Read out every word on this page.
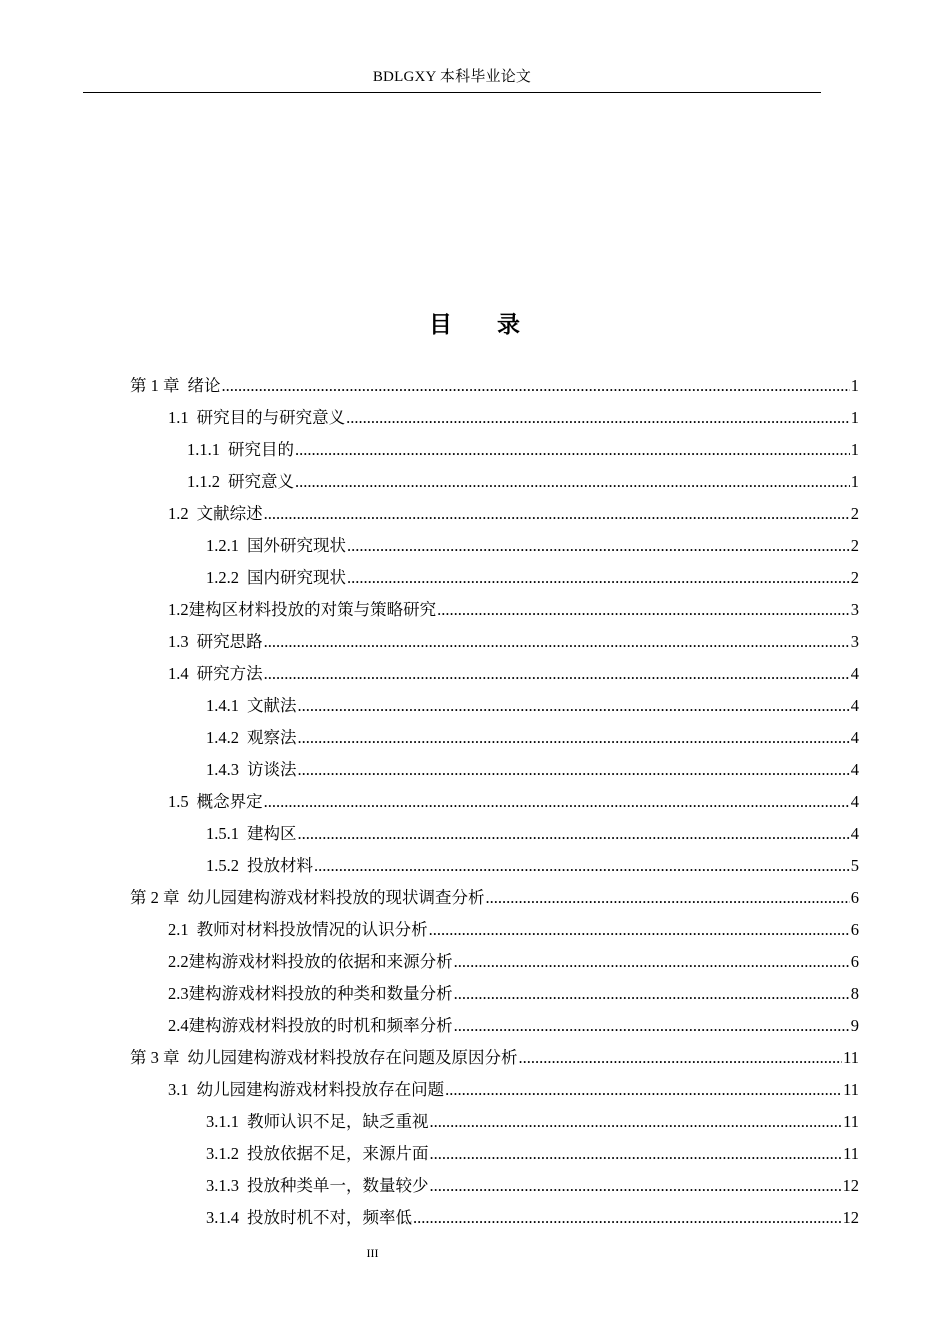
BDLGXY 本科毕业论文
目 录
第 1 章 绪论 .....	1
1.1 研究目的与研究意义 .....	1
1.1.1 研究目的 .....	1
1.1.2 研究意义 .....	1
1.2 文献综述 .....	2
1.2.1 国外研究现状 .....	2
1.2.2 国内研究现状 .....	2
1.2 建构区材料投放的对策与策略研究 .....	3
1.3 研究思路 .....	3
1.4 研究方法 .....	4
1.4.1 文献法 .....	4
1.4.2 观察法 .....	4
1.4.3 访谈法 .....	4
1.5 概念界定 .....	4
1.5.1 建构区 .....	4
1.5.2 投放材料 .....	5
第 2 章 幼儿园建构游戏材料投放的现状调查分析 .....	6
2.1 教师对材料投放情况的认识分析 .....	6
2.2 建构游戏材料投放的依据和来源分析 .....	6
2.3 建构游戏材料投放的种类和数量分析 .....	8
2.4 建构游戏材料投放的时机和频率分析 .....	9
第 3 章 幼儿园建构游戏材料投放存在问题及原因分析 .....	11
3.1 幼儿园建构游戏材料投放存在问题 .....	11
3.1.1 教师认识不足，缺乏重视 .....	11
3.1.2 投放依据不足，来源片面 .....	11
3.1.3 投放种类单一，数量较少 .....	12
3.1.4 投放时机不对，频率低 .....	12
III
